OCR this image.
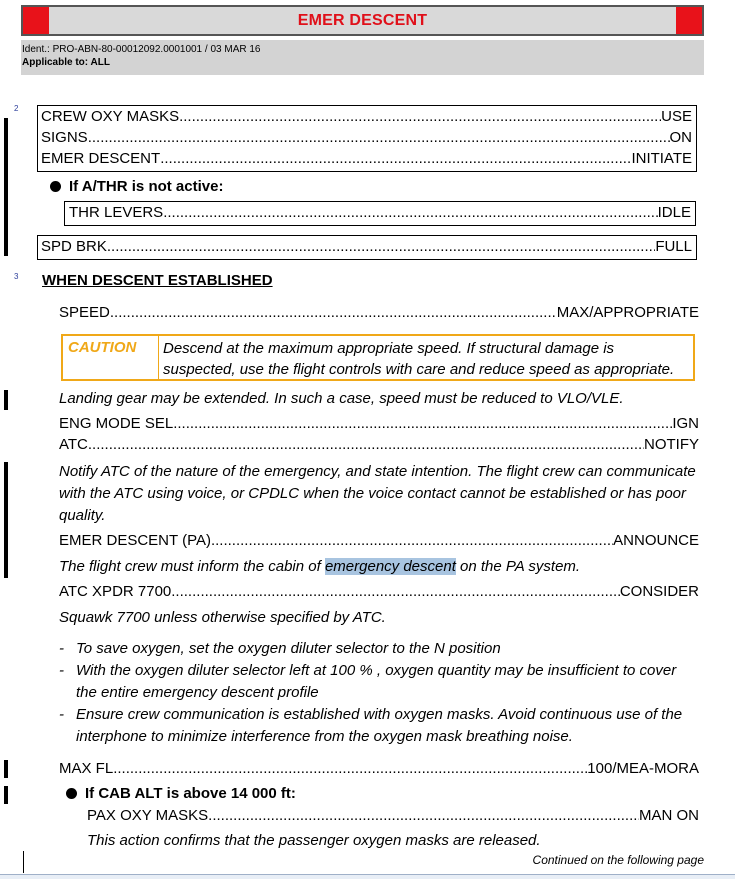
EMER DESCENT
Ident.: PRO-ABN-80-00012092.0001001 / 03 MAR 16
Applicable to: ALL
2
3
CREW OXY MASKS .....	USE
SIGNS .....	ON
EMER DESCENT .....	INITIATE
If A/THR is not active:
THR LEVERS .....	IDLE
SPD BRK .....	FULL
WHEN DESCENT ESTABLISHED
SPEED .....	MAX/APPROPRIATE
CAUTION	Descend at the maximum appropriate speed. If structural damage is suspected, use the flight controls with care and reduce speed as appropriate.
Landing gear may be extended. In such a case, speed must be reduced to VLO/VLE.
ENG MODE SEL .....	IGN
ATC .....	NOTIFY
Notify ATC of the nature of the emergency, and state intention. The flight crew can communicate with the ATC using voice, or CPDLC when the voice contact cannot be established or has poor quality.
EMER DESCENT (PA) .....	ANNOUNCE
The flight crew must inform the cabin of emergency descent on the PA system.
ATC XPDR 7700 .....	CONSIDER
Squawk 7700 unless otherwise specified by ATC.
- To save oxygen, set the oxygen diluter selector to the N position
- With the oxygen diluter selector left at 100 % , oxygen quantity may be insufficient to cover the entire emergency descent profile
- Ensure crew communication is established with oxygen masks. Avoid continuous use of the interphone to minimize interference from the oxygen mask breathing noise.
MAX FL .....	100/MEA-MORA
If CAB ALT is above 14 000 ft:
PAX OXY MASKS .....	MAN ON
This action confirms that the passenger oxygen masks are released.
Continued on the following page
